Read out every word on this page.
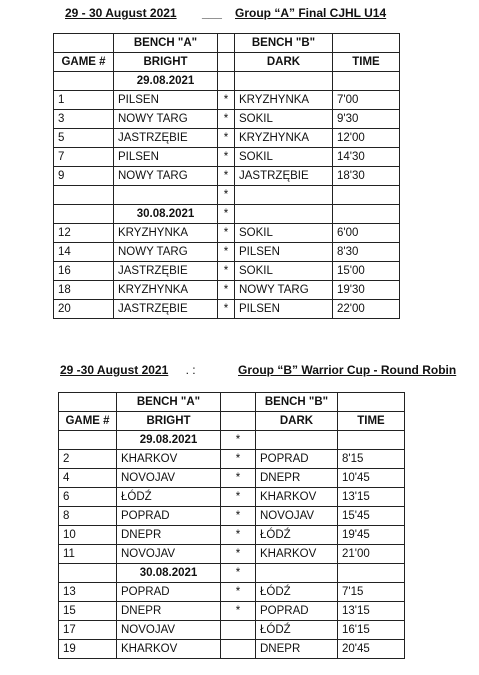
29 - 30 August 2021 ___ Group “A” Final CJHL U14
	BENCH "A"		BENCH "B"	
GAME #	BRIGHT		DARK	TIME
	29.08.2021			
1	PILSEN	*	KRYZHYNKA	7'00
3	NOWY TARG	*	SOKIL	9'30
5	JASTRZĘBIE	*	KRYZHYNKA	12'00
7	PILSEN	*	SOKIL	14'30
9	NOWY TARG	*	JASTRZĘBIE	18'30
		*		
	30.08.2021	*		
12	KRYZHYNKA	*	SOKIL	6'00
14	NOWY TARG	*	PILSEN	8'30
16	JASTRZĘBIE	*	SOKIL	15'00
18	KRYZHYNKA	*	NOWY TARG	19'30
20	JASTRZĘBIE	*	PILSEN	22'00
29 -30 August 2021 . :	Group “B” Warrior Cup - Round Robin
	BENCH "A"		BENCH "B"	
GAME #	BRIGHT		DARK	TIME
	29.08.2021	*		
2	KHARKOV	*	POPRAD	8'15
4	NOVOJAV	*	DNEPR	10'45
6	ŁÓDŹ	*	KHARKOV	13'15
8	POPRAD	*	NOVOJAV	15'45
10	DNEPR	*	ŁÓDŹ	19'45
11	NOVOJAV	*	KHARKOV	21'00
	30.08.2021	*		
13	POPRAD	*	ŁÓDŹ	7'15
15	DNEPR	*	POPRAD	13'15
17	NOVOJAV		ŁÓDŹ	16'15
19	KHARKOV		DNEPR	20'45
